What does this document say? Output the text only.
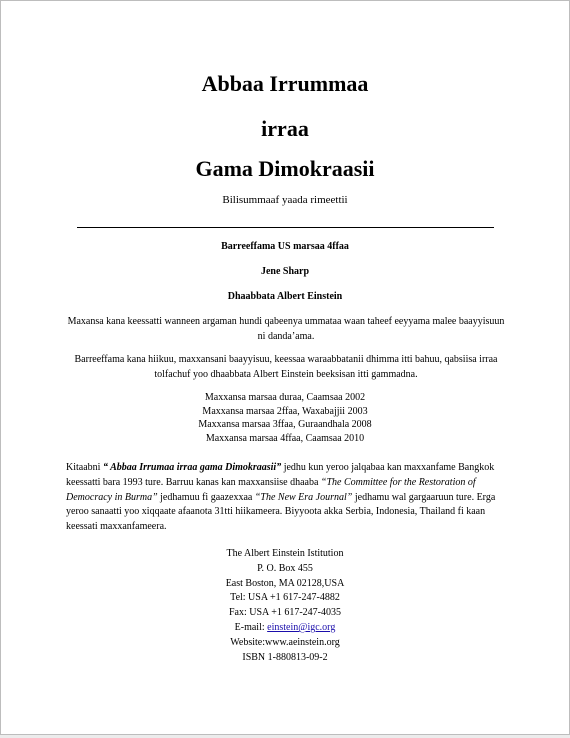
Abbaa Irrummaa
irraa
Gama Dimokraasii
Bilisummaaf yaada rimeettii
Barreeffama US marsaa 4ffaa
Jene Sharp
Dhaabbata Albert Einstein
Maxansa kana keessatti wanneen argaman hundi qabeenya ummataa waan taheef eeyyama malee baayyisuun ni danda’ama.
Barreeffama kana hiikuu, maxxansani baayyisuu, keessaa waraabbatanii dhimma itti bahuu, qabsiisa irraa tolfachuf yoo dhaabbata Albert Einstein beeksisan itti gammadna.
Maxxansa marsaa duraa, Caamsaa 2002
Maxxansa marsaa 2ffaa, Waxabajjii 2003
Maxxansa marsaa 3ffaa, Guraandhala 2008
Maxxansa marsaa 4ffaa, Caamsaa 2010
Kitaabni “ Abbaa Irrumaa irraa gama Dimokraasii” jedhu kun yeroo jalqabaa kan maxxanfame Bangkok keessatti bara 1993 ture. Barruu kanas kan maxxansiise dhaaba “The Committee for the Restoration of Democracy in Burma” jedhamuu fi gaazexxaa “The New Era Journal” jedhamu wal gargaaruun ture. Erga yeroo sanaatti yoo xiqqaate afaanota 31tti hiikameera. Biyyoota akka Serbia, Indonesia, Thailand fi kaan keessati maxxanfameera.
The Albert Einstein Istitution
P. O. Box 455
East Boston, MA 02128,USA
Tel: USA +1 617-247-4882
Fax: USA +1 617-247-4035
E-mail: einstein@igc.org
Website:www.aeinstein.org
ISBN 1-880813-09-2
